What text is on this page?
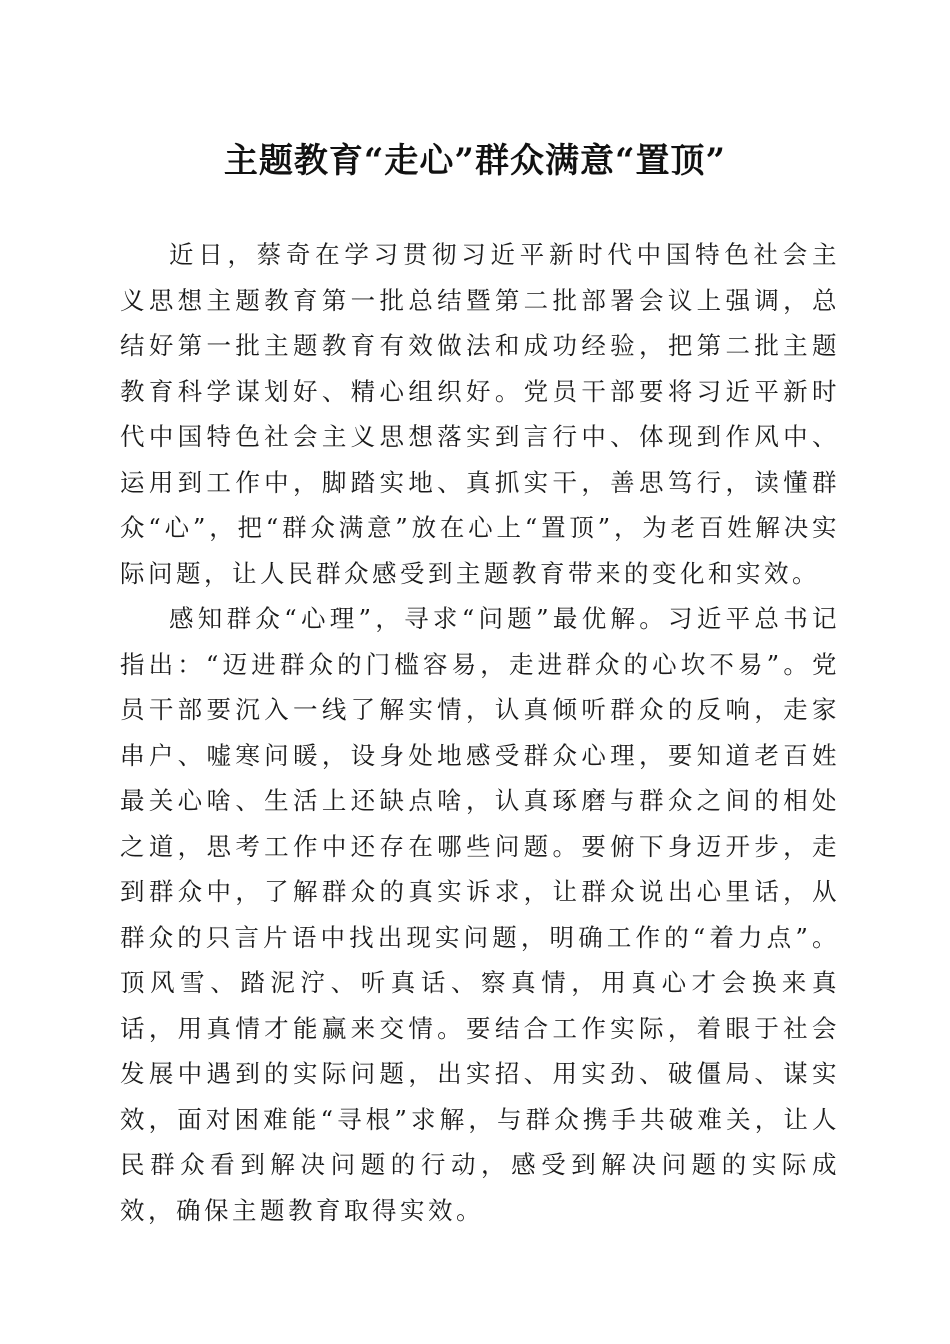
主题教育“走心”群众满意“置顶”

近日，蔡奇在学习贯彻习近平新时代中国特色社会主义思想主题教育第一批总结暨第二批部署会议上强调，总结好第一批主题教育有效做法和成功经验，把第二批主题教育科学谋划好、精心组织好。党员干部要将习近平新时代中国特色社会主义思想落实到言行中、体现到作风中、运用到工作中，脚踏实地、真抓实干，善思笃行，读懂群众“心”，把“群众满意”放在心上“置顶”，为老百姓解决实际问题，让人民群众感受到主题教育带来的变化和实效。

感知群众“心理”，寻求“问题”最优解。习近平总书记指出：“迈进群众的门槛容易，走进群众的心坎不易”。党员干部要沉入一线了解实情，认真倾听群众的反响，走家串户、嘘寒问暖，设身处地感受群众心理，要知道老百姓最关心啥、生活上还缺点啥，认真琢磨与群众之间的相处之道，思考工作中还存在哪些问题。要俯下身迈开步，走到群众中，了解群众的真实诉求，让群众说出心里话，从群众的只言片语中找出现实问题，明确工作的“着力点”。顶风雪、踏泥泞、听真话、察真情，用真心才会换来真话，用真情才能赢来交情。要结合工作实际，着眼于社会发展中遇到的实际问题，出实招、用实劲、破僵局、谋实效，面对困难能“寻根”求解，与群众携手共破难关，让人民群众看到解决问题的行动，感受到解决问题的实际成效，确保主题教育取得实效。
